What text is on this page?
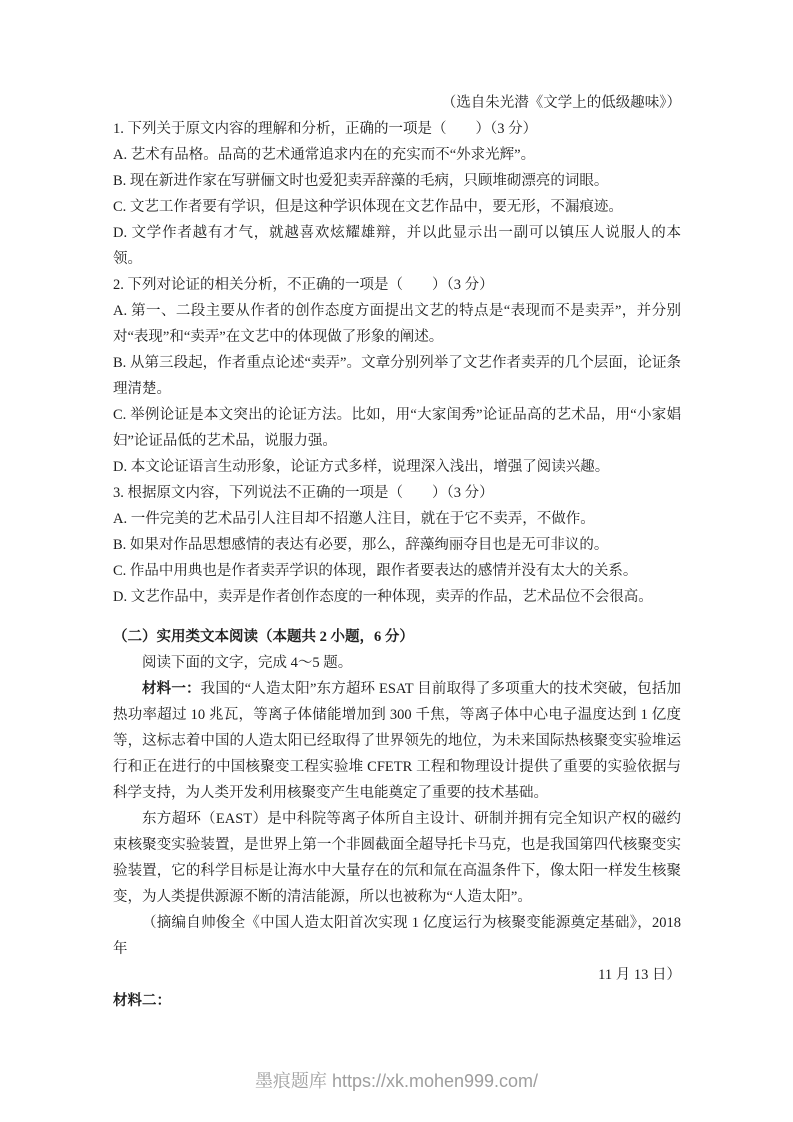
（选自朱光潜《文学上的低级趣味》）

1. 下列关于原文内容的理解和分析，正确的一项是（　　）（3 分）

A. 艺术有品格。品高的艺术通常追求内在的充实而不“外求光辉”。

B. 现在新进作家在写骈俪文时也爱犯卖弄辞藻的毛病，只顾堆砌漂亮的词眼。

C. 文艺工作者要有学识，但是这种学识体现在文艺作品中，要无形，不漏痕迹。

D. 文学作者越有才气，就越喜欢炫耀雄辩，并以此显示出一副可以镇压人说服人的本领。

2. 下列对论证的相关分析，不正确的一项是（　　）（3 分）

A. 第一、二段主要从作者的创作态度方面提出文艺的特点是“表现而不是卖弄”，并分别对“表现”和“卖弄”在文艺中的体现做了形象的阐述。

B. 从第三段起，作者重点论述“卖弄”。文章分别列举了文艺作者卖弄的几个层面，论证条理清楚。

C. 举例论证是本文突出的论证方法。比如，用“大家闺秀”论证品高的艺术品，用“小家娼妇”论证品低的艺术品，说服力强。

D. 本文论证语言生动形象，论证方式多样，说理深入浅出，增强了阅读兴趣。

3. 根据原文内容，下列说法不正确的一项是（　　）（3 分）

A. 一件完美的艺术品引人注目却不招邀人注目，就在于它不卖弄，不做作。

B. 如果对作品思想感情的表达有必要，那么，辞藻绚丽夺目也是无可非议的。

C. 作品中用典也是作者卖弄学识的体现，跟作者要表达的感情并没有太大的关系。

D. 文艺作品中，卖弄是作者创作态度的一种体现，卖弄的作品，艺术品位不会很高。

（二）实用类文本阅读（本题共 2 小题，6 分）

阅读下面的文字，完成 4～5 题。

材料一：我国的“人造太阳”东方超环 ESAT 目前取得了多项重大的技术突破，包括加热功率超过 10 兆瓦，等离子体储能增加到 300 千焦，等离子体中心电子温度达到 1 亿度等，这标志着中国的人造太阳已经取得了世界领先的地位，为未来国际热核聚变实验堆运行和正在进行的中国核聚变工程实验堆 CFETR 工程和物理设计提供了重要的实验依据与科学支持，为人类开发利用核聚变产生电能奠定了重要的技术基础。

东方超环（EAST）是中科院等离子体所自主设计、研制并拥有完全知识产权的磁约束核聚变实验装置，是世界上第一个非圆截面全超导托卡马克，也是我国第四代核聚变实验装置，它的科学目标是让海水中大量存在的氘和氚在高温条件下，像太阳一样发生核聚变，为人类提供源源不断的清洁能源，所以也被称为“人造太阳”。

（摘编自帅俊全《中国人造太阳首次实现 1 亿度运行为核聚变能源奠定基础》，2018 年
11 月 13 日）

材料二：

墨痕题库 https://xk.mohen999.com/
